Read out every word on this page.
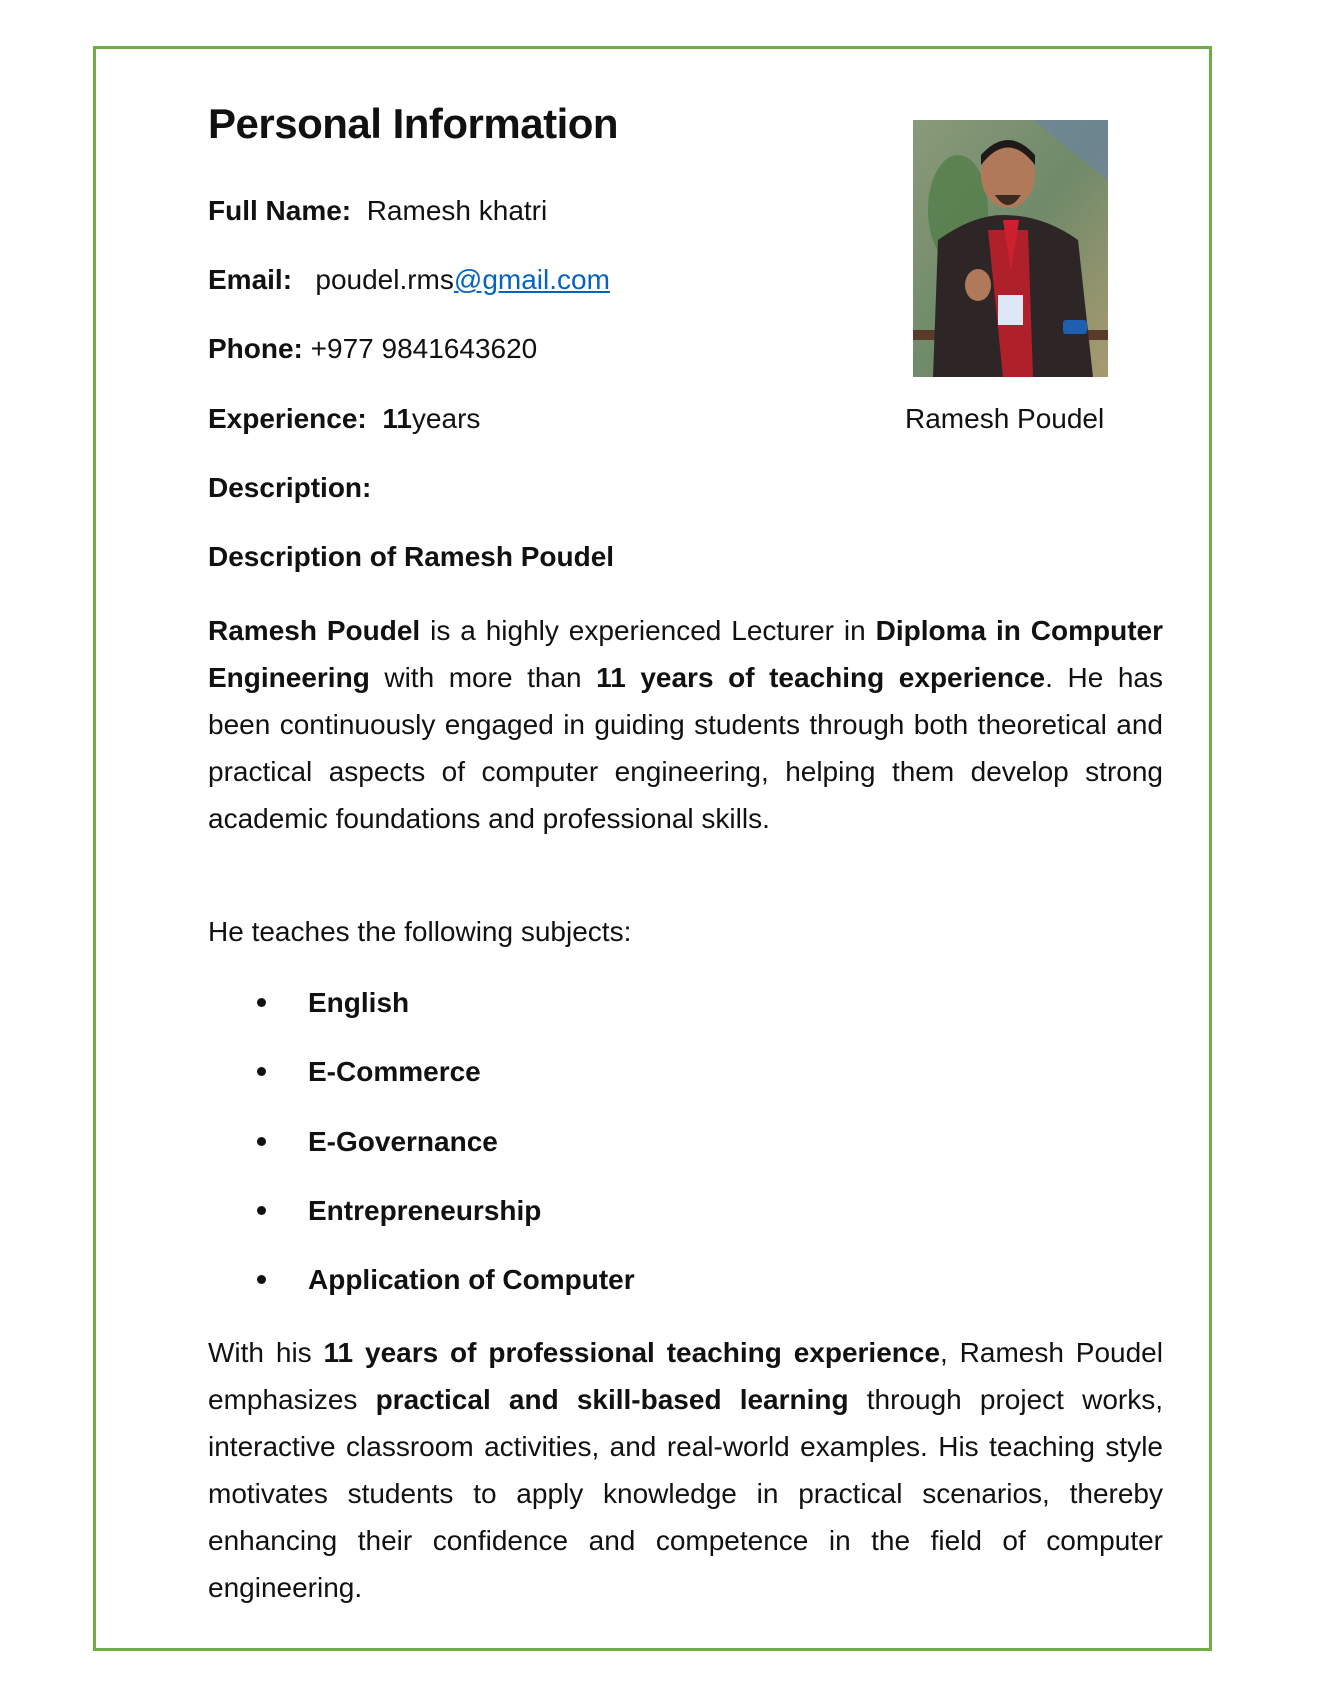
Personal Information
Full Name: Ramesh khatri
Email: poudel.rms@gmail.com
Phone: +977 9841643620
Experience: 11years
Description:
Ramesh Poudel
Description of Ramesh Poudel
Ramesh Poudel is a highly experienced Lecturer in Diploma in Computer Engineering with more than 11 years of teaching experience. He has been continuously engaged in guiding students through both theoretical and practical aspects of computer engineering, helping them develop strong academic foundations and professional skills.
He teaches the following subjects:
English
E-Commerce
E-Governance
Entrepreneurship
Application of Computer
With his 11 years of professional teaching experience, Ramesh Poudel emphasizes practical and skill-based learning through project works, interactive classroom activities, and real-world examples. His teaching style motivates students to apply knowledge in practical scenarios, thereby enhancing their confidence and competence in the field of computer engineering.
